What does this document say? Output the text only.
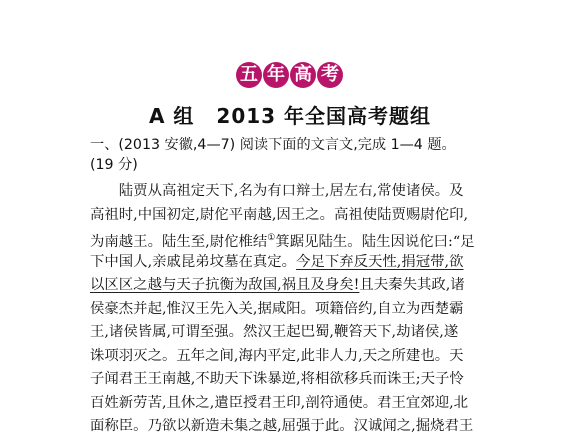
五 年 高 考
A 组 2013 年全国高考题组
一、(2013 安徽,4—7) 阅读下面的文言文,完成 1—4 题。
(19 分)
陆贾从高祖定天下,名为有口辩士,居左右,常使诸侯。及
高祖时,中国初定,尉佗平南越,因王之。高祖使陆贾赐尉佗印,
为南越王。陆生至,尉佗椎结①箕踞见陆生。陆生因说佗曰:“足
下中国人,亲戚昆弟坟墓在真定。今足下弃反天性,捐冠带,欲
以区区之越与天子抗衡为敌国,祸且及身矣!且夫秦失其政,诸
侯豪杰并起,惟汉王先入关,据咸阳。项籍倍约,自立为西楚霸
王,诸侯皆属,可谓至强。然汉王起巴蜀,鞭笞天下,劫诸侯,遂
诛项羽灭之。五年之间,海内平定,此非人力,天之所建也。天
子闻君王王南越,不助天下诛暴逆,将相欲移兵而诛王;天子怜
百姓新劳苦,且休之,遣臣授君王印,剖符通使。君王宜郊迎,北
面称臣。乃欲以新造未集之越,屈强于此。汉诚闻之,掘烧君王
